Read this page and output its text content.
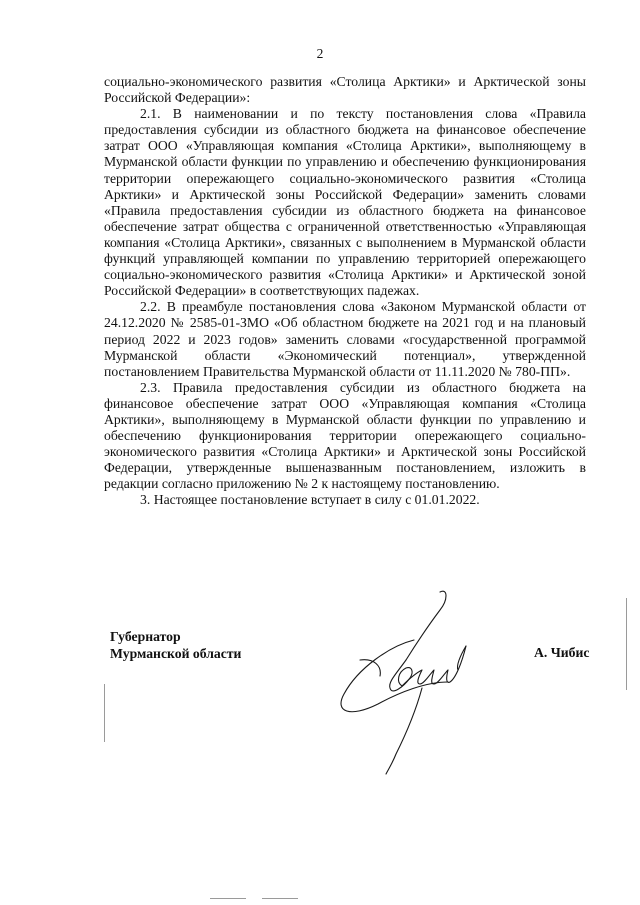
2

социально-экономического развития «Столица Арктики» и Арктической зоны Российской Федерации»:

2.1. В наименовании и по тексту постановления слова «Правила предоставления субсидии из областного бюджета на финансовое обеспечение затрат ООО «Управляющая компания «Столица Арктики», выполняющему в Мурманской области функции по управлению и обеспечению функционирования территории опережающего социально-экономического развития «Столица Арктики» и Арктической зоны Российской Федерации» заменить словами «Правила предоставления субсидии из областного бюджета на финансовое обеспечение затрат общества с ограниченной ответственностью «Управляющая компания «Столица Арктики», связанных с выполнением в Мурманской области функций управляющей компании по управлению территорией опережающего социально-экономического развития «Столица Арктики» и Арктической зоной Российской Федерации» в соответствующих падежах.

2.2. В преамбуле постановления слова «Законом Мурманской области от 24.12.2020 № 2585-01-ЗМО «Об областном бюджете на 2021 год и на плановый период 2022 и 2023 годов» заменить словами «государственной программой Мурманской области «Экономический потенциал», утвержденной постановлением Правительства Мурманской области от 11.11.2020 № 780-ПП».

2.3. Правила предоставления субсидии из областного бюджета на финансовое обеспечение затрат ООО «Управляющая компания «Столица Арктики», выполняющему в Мурманской области функции по управлению и обеспечению функционирования территории опережающего социально-экономического развития «Столица Арктики» и Арктической зоны Российской Федерации, утвержденные вышеназванным постановлением, изложить в редакции согласно приложению № 2 к настоящему постановлению.

3. Настоящее постановление вступает в силу с 01.01.2022.

Губернатор
Мурманской области	А. Чибис
